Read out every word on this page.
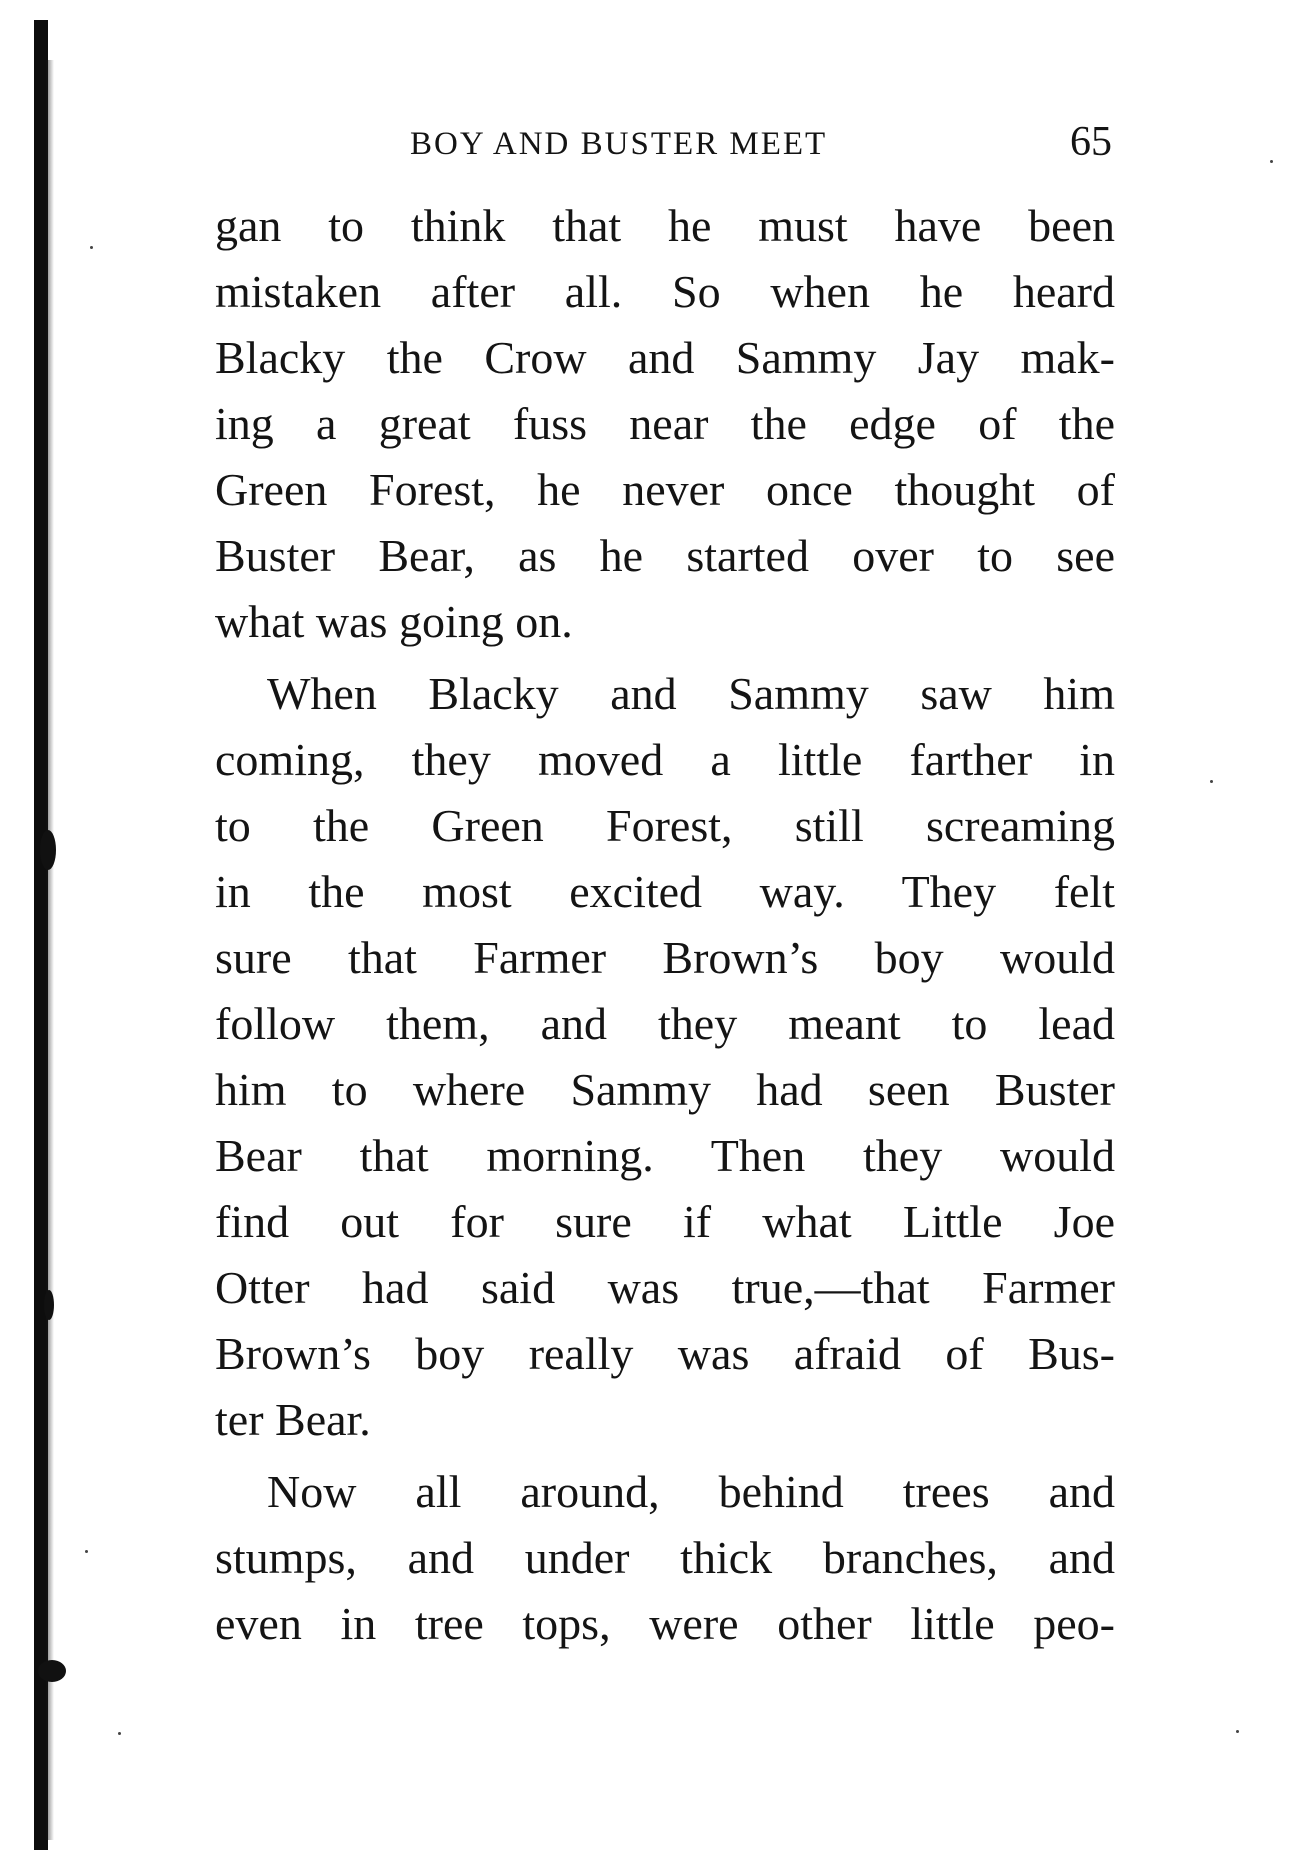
BOY AND BUSTER MEET	65
gan to think that he must have been
mistaken after all. So when he heard
Blacky the Crow and Sammy Jay mak-
ing a great fuss near the edge of the
Green Forest, he never once thought of
Buster Bear, as he started over to see
what was going on.
When Blacky and Sammy saw him
coming, they moved a little farther in
to the Green Forest, still screaming
in the most excited way. They felt
sure that Farmer Brown’s boy would
follow them, and they meant to lead
him to where Sammy had seen Buster
Bear that morning. Then they would
find out for sure if what Little Joe
Otter had said was true,—that Farmer
Brown’s boy really was afraid of Bus-
ter Bear.
Now all around, behind trees and
stumps, and under thick branches, and
even in tree tops, were other little peo-
